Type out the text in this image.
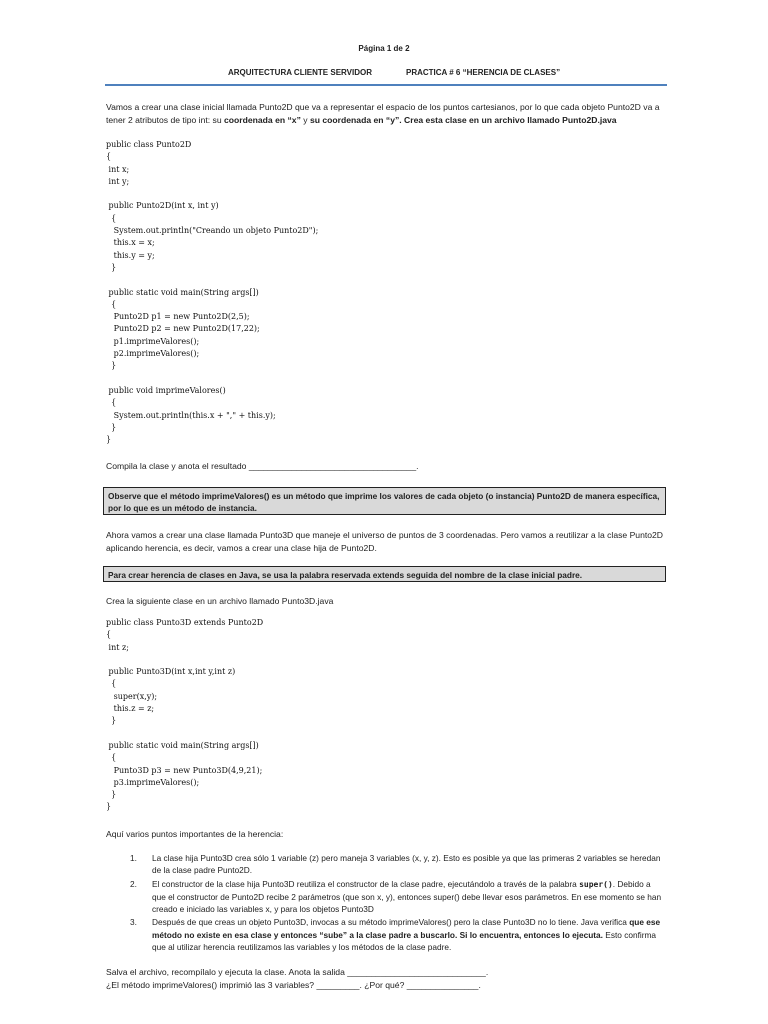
Página 1 de 2
ARQUITECTURA CLIENTE SERVIDOR	PRACTICA # 6 “HERENCIA DE CLASES”
Vamos a crear una clase inicial llamada Punto2D que va a representar el espacio de los puntos cartesianos, por lo que cada objeto Punto2D va a tener 2 atributos de tipo int: su coordenada en “x” y su coordenada en “y”. Crea esta clase en un archivo llamado Punto2D.java
public class Punto2D
{
int x;
int y;

public Punto2D(int x, int y)
{
System.out.println("Creando un objeto Punto2D");
this.x = x;
this.y = y;
}

public static void main(String args[])
{
Punto2D p1 = new Punto2D(2,5);
Punto2D p2 = new Punto2D(17,22);
p1.imprimeValores();
p2.imprimeValores();
}

public void imprimeValores()
{
System.out.println(this.x + "," + this.y);
}
}
Compila la clase y anota el resultado ___________________________________.
Observe que el método imprimeValores() es un método que imprime los valores de cada objeto (o instancia) Punto2D de manera específica, por lo que es un método de instancia.
Ahora vamos a crear una clase llamada Punto3D que maneje el universo de puntos de 3 coordenadas. Pero vamos a reutilizar a la clase Punto2D aplicando herencia, es decir, vamos a crear una clase hija de Punto2D.
Para crear herencia de clases en Java, se usa la palabra reservada extends seguida del nombre de la clase inicial padre.
Crea la siguiente clase en un archivo llamado Punto3D.java
public class Punto3D extends Punto2D
{
int z;

public Punto3D(int x,int y,int z)
{
super(x,y);
this.z = z;
}

public static void main(String args[])
{
Punto3D p3 = new Punto3D(4,9,21);
p3.imprimeValores();
}
}
Aquí varios puntos importantes de la herencia:
1. La clase hija Punto3D crea sólo 1 variable (z) pero maneja 3 variables (x, y, z). Esto es posible ya que las primeras 2 variables se heredan de la clase padre Punto2D.
2. El constructor de la clase hija Punto3D reutiliza el constructor de la clase padre, ejecutándolo a través de la palabra super(). Debido a que el constructor de Punto2D recibe 2 parámetros (que son x, y), entonces super() debe llevar esos parámetros. En ese momento se han creado e iniciado las variables x, y para los objetos Punto3D
3. Después de que creas un objeto Punto3D, invocas a su método imprimeValores() pero la clase Punto3D no lo tiene. Java verifica que ese método no existe en esa clase y entonces “sube” a la clase padre a buscarlo. Si lo encuentra, entonces lo ejecuta. Esto confirma que al utilizar herencia reutilizamos las variables y los métodos de la clase padre.
Salva el archivo, recompílalo y ejecuta la clase. Anota la salida _____________________________.
¿El método imprimeValores() imprimió las 3 variables? _________. ¿Por qué? _______________.
